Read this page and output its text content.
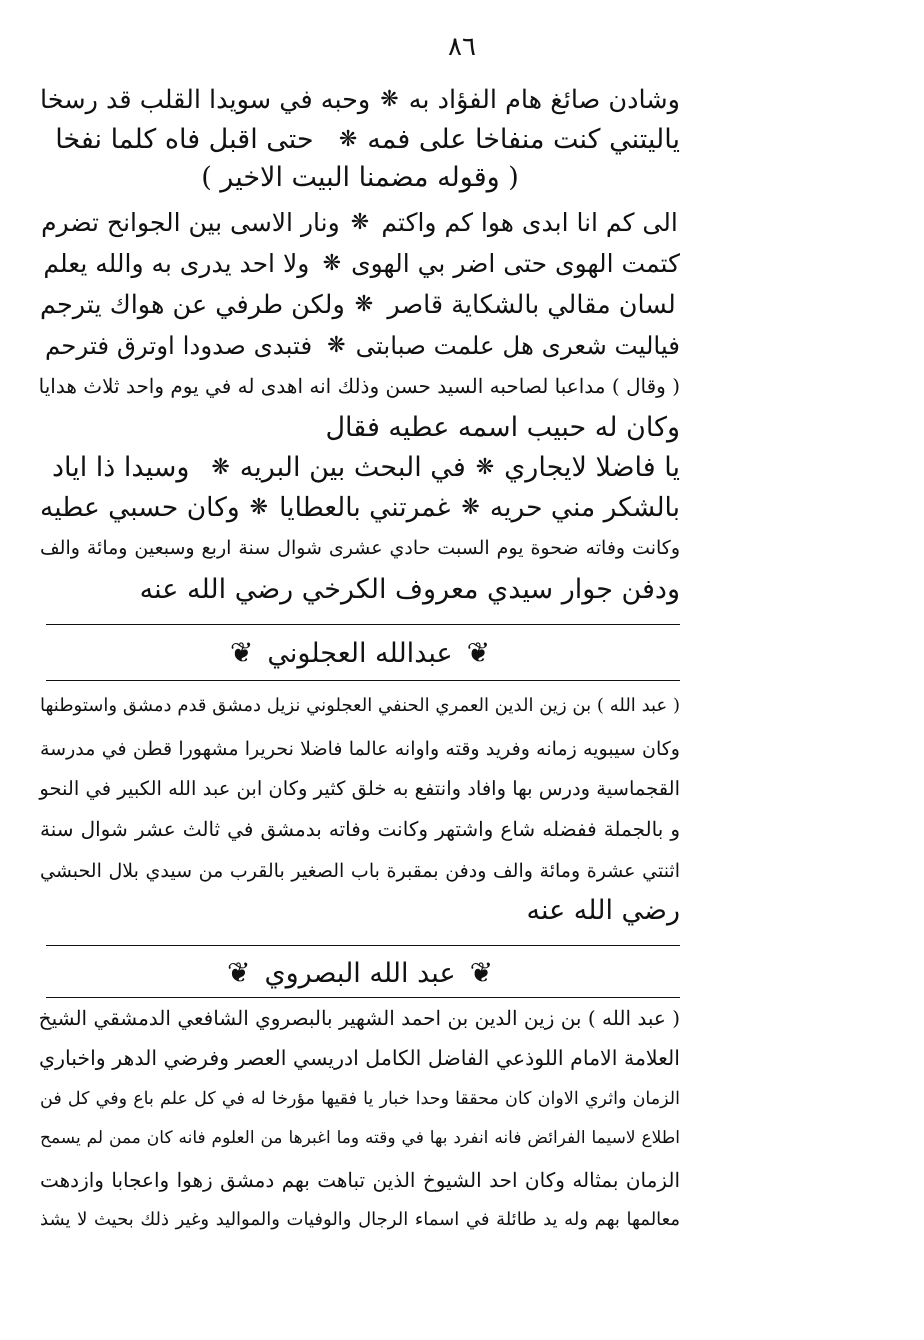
٨٦
وشادن صائغ هام الفؤاد به
❋
وحبه في سويدا القلب قد رسخا
ياليتني كنت منفاخا على فمه
❋
حتى اقبل فاه كلما نفخا
( وقوله مضمنا البيت الاخير )
الى كم انا ابدى هوا كم واكتم
❋
ونار الاسى بين الجوانح تضرم
كتمت الهوى حتى اضر بي الهوى
❋
ولا احد يدرى به والله يعلم
لسان مقالي بالشكاية قاصر
❋
ولكن طرفي عن هواك يترجم
فياليت شعرى هل علمت صبابتى
❋
فتبدى صدودا اوترق فترحم
( وقال ) مداعبا لصاحبه السيد حسن وذلك انه اهدى له في يوم واحد ثلاث هدايا
وكان له حبيب اسمه عطيه فقال
يا فاضلا لايجاري
❋
في البحث بين البريه
❋
وسيدا ذا اياد
بالشكر مني حريه
❋
غمرتني بالعطايا
❋
وكان حسبي عطيه
وكانت وفاته ضحوة يوم السبت حادي عشرى شوال سنة اربع وسبعين ومائة والف
ودفن جوار سيدي معروف الكرخي رضي الله عنه
( عبد الله ) بن زين الدين العمري الحنفي العجلوني نزيل دمشق قدم دمشق واستوطنها
وكان سيبويه زمانه وفريد وقته واوانه عالما فاضلا نحريرا مشهورا قطن في مدرسة
القجماسية ودرس بها وافاد وانتفع به خلق كثير وكان ابن عبد الله الكبير في النحو
و بالجملة ففضله شاع واشتهر وكانت وفاته بدمشق في ثالث عشر شوال سنة
اثنتي عشرة ومائة والف ودفن بمقبرة باب الصغير بالقرب من سيدي بلال الحبشي
رضي الله عنه
( عبد الله ) بن زين الدين بن احمد الشهير بالبصروي الشافعي الدمشقي الشيخ
العلامة الامام اللوذعي الفاضل الكامل ادريسي العصر وفرضي الدهر واخباري
الزمان واثري الاوان كان محققا وحدا خبار يا فقيها مؤرخا له في كل علم باع وفي كل فن
اطلاع لاسيما الفرائض فانه انفرد بها في وقته وما اغبرها من العلوم فانه كان ممن لم يسمح
الزمان بمثاله وكان احد الشيوخ الذين تباهت بهم دمشق زهوا واعجابا وازدهت
معالمها بهم وله يد طائلة في اسماء الرجال والوفيات والمواليد وغير ذلك بحيث لا يشذ
❦
عبدالله العجلوني
❦
❦
عبد الله البصروي
❦
